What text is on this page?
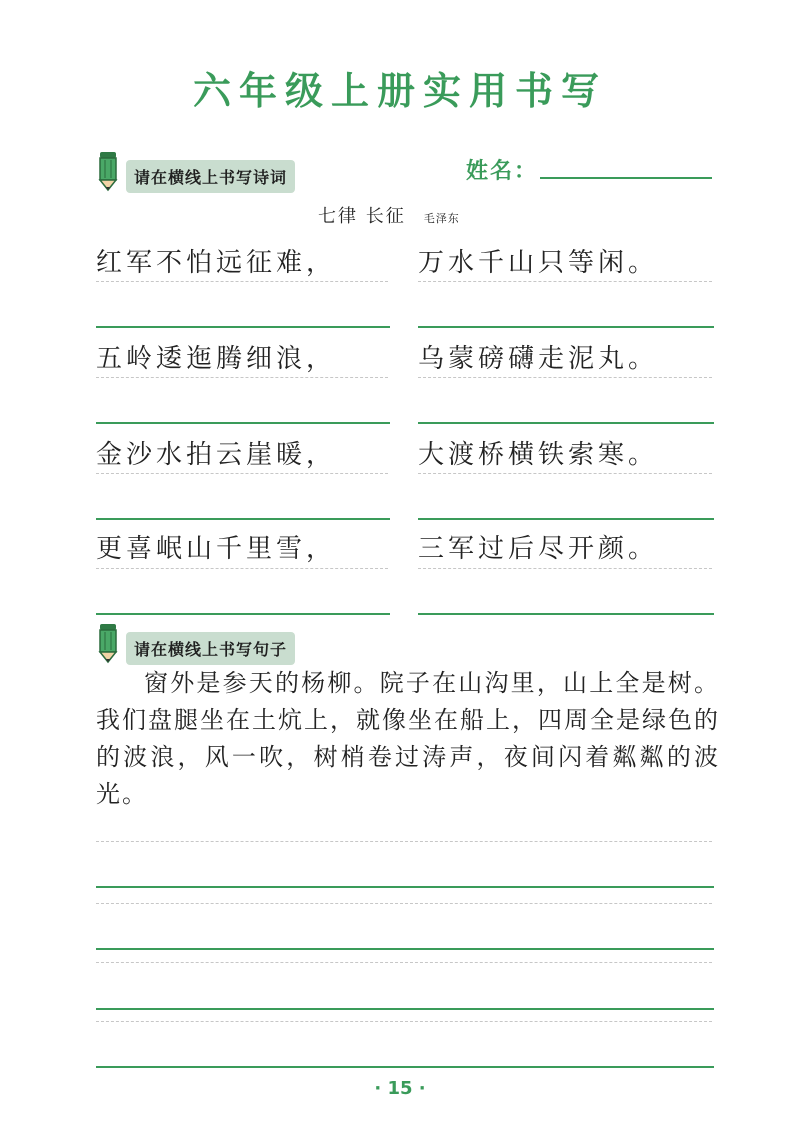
六年级上册实用书写
请在横线上书写诗词	姓名：
七律 长征 毛泽东
红军不怕远征难，	万水千山只等闲。
五岭逶迤腾细浪，	乌蒙磅礴走泥丸。
金沙水拍云崖暖，	大渡桥横铁索寒。
更喜岷山千里雪，	三军过后尽开颜。
请在横线上书写句子
窗外是参天的杨柳。院子在山沟里，山上全是树。我们盘腿坐在土炕上，就像坐在船上，四周全是绿色的的波浪，风一吹，树梢卷过涛声，夜间闪着粼粼的波光。
· 15 ·
